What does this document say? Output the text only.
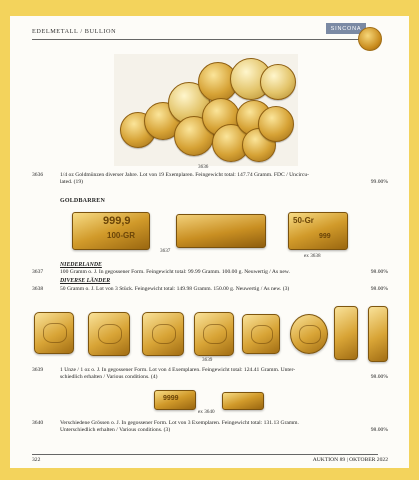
EDELMETALL / BULLION	SINCONA
3636
3636	1/4 oz Goldmünzen diverser Jahre. Lot von 19 Exemplaren. Feingewicht total: 147.74 Gramm. FDC / Uncircu-
lated. (19)	99.00%
GOLDBARREN
999,9
100-GR
50-Gr
999
3637
ex 3638
NIEDERLANDE
3637	100 Gramm o. J. In gegossener Form. Feingewicht total: 99.99 Gramm. 100.00 g. Neuwertig / As new.	98.00%
DIVERSE LÄNDER
3638	50 Gramm o. J. Lot von 3 Stück. Feingewicht total: 149.98 Gramm. 150.00 g. Neuwertig / As new. (3)	98.00%
3639
3639	1 Unze / 1 oz o. J. In gegossener Form. Lot von 4 Exemplaren. Feingewicht total: 124.41 Gramm. Unter-
schiedlich erhalten / Various conditions. (4)	98.00%
9999
ex 3640
3640	Verschiedene Grössen o. J. In gegossener Form. Lot von 3 Exemplaren. Feingewicht total: 131.13 Gramm.
Unterschiedlich erhalten / Various conditions. (3)	98.00%
322	AUKTION 89 | OKTOBER 2022
